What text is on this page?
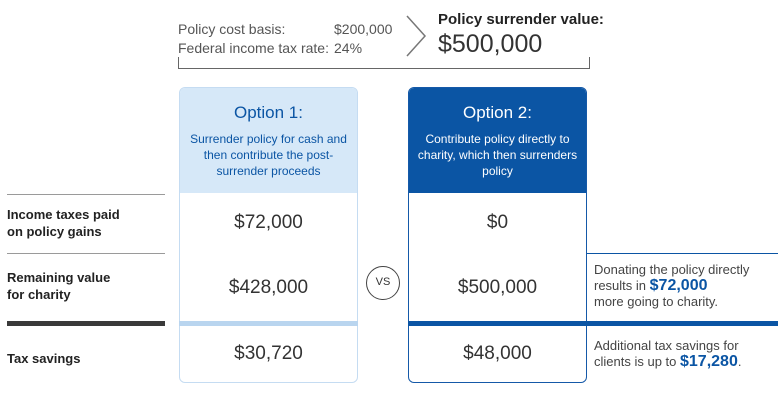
Policy cost basis:	$200,000
Federal income tax rate: 24%
Policy surrender value:
$500,000
Option 1:
Surrender policy for cash and then contribute the post-surrender proceeds
$72,000
$428,000
$30,720
Option 2:
Contribute policy directly to charity, which then surrenders policy
$0
$500,000
$48,000
Income taxes paid
on policy gains
Remaining value
for charity
Tax savings
VS
Donating the policy directly results in $72,000
more going to charity.
Additional tax savings for clients is up to $17,280.
